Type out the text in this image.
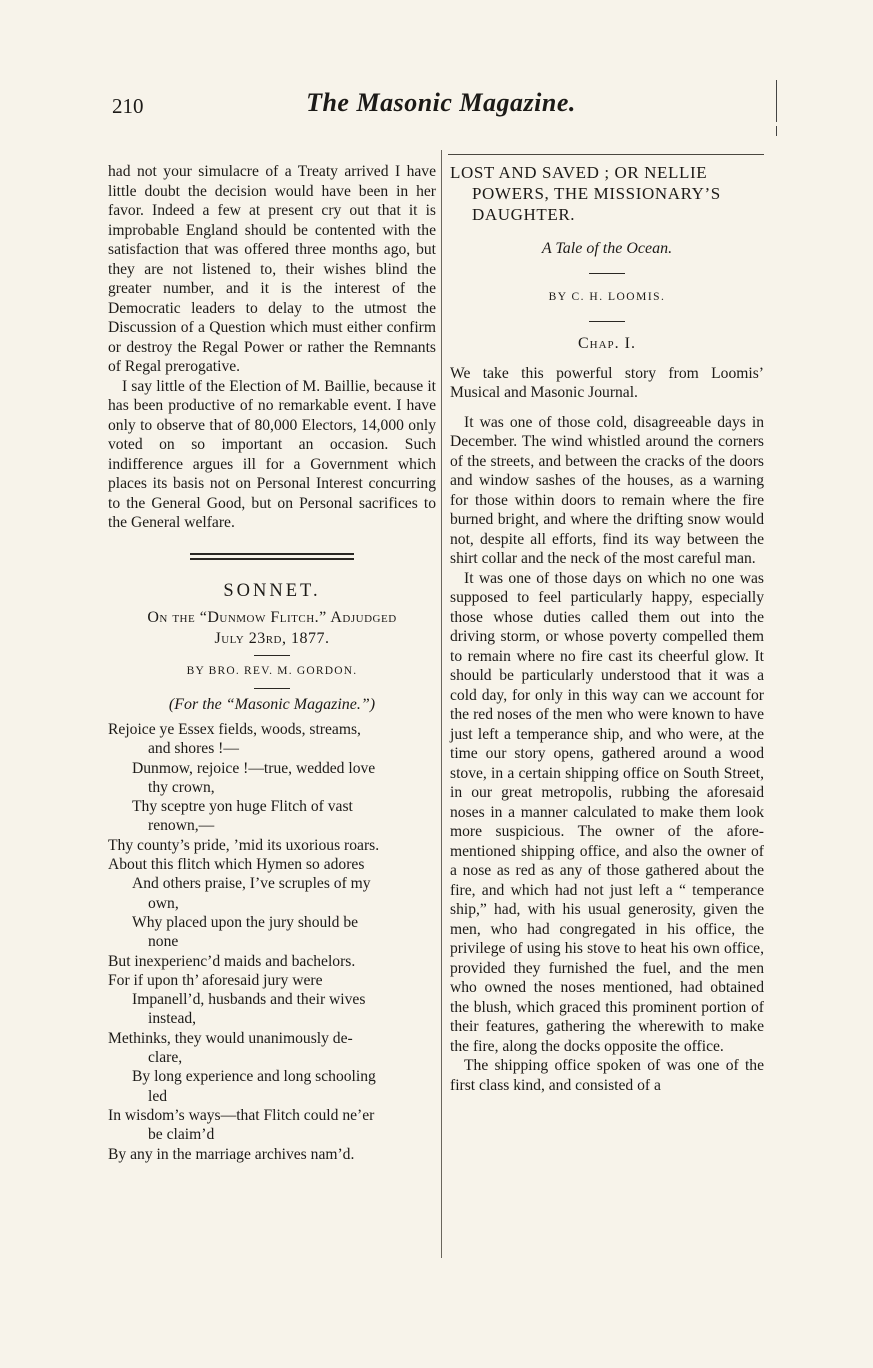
210	The Masonic Magazine.

had not your simulacre of a Treaty arrived I have little doubt the decision would have been in her favor. Indeed a few at present cry out that it is improbable England should be contented with the satisfaction that was offered three months ago, but they are not listened to, their wishes blind the greater number, and it is the interest of the Democratic leaders to delay to the utmost the Discussion of a Question which must either confirm or destroy the Regal Power or rather the Remnants of Regal prerogative.

I say little of the Election of M. Baillie, because it has been productive of no remarkable event. I have only to observe that of 80,000 Electors, 14,000 only voted on so important an occasion. Such indifference argues ill for a Government which places its basis not on Personal Interest concurring to the General Good, but on Personal sacrifices to the General welfare.

SONNET.
On the “Dunmow Flitch.” Adjudged
July 23rd, 1877.
BY BRO. REV. M. GORDON.
(For the “Masonic Magazine.”)
Rejoice ye Essex fields, woods, streams,
and shores !—
Dunmow, rejoice !—true, wedded love
thy crown,
Thy sceptre yon huge Flitch of vast
renown,—
Thy county’s pride, ’mid its uxorious roars.
About this flitch which Hymen so adores
And others praise, I’ve scruples of my
own,
Why placed upon the jury should be
none
But inexperienc’d maids and bachelors.
For if upon th’ aforesaid jury were
Impanell’d, husbands and their wives
instead,
Methinks, they would unanimously de-
clare,
By long experience and long schooling
led
In wisdom’s ways—that Flitch could ne’er
be claim’d
By any in the marriage archives nam’d.
LOST AND SAVED ; OR NELLIE
POWERS, THE MISSIONARY’S
DAUGHTER.
A Tale of the Ocean.
BY C. H. LOOMIS.
Chap. I.

We take this powerful story from Loomis’ Musical and Masonic Journal.

It was one of those cold, disagreeable days in December. The wind whistled around the corners of the streets, and between the cracks of the doors and window sashes of the houses, as a warning for those within doors to remain where the fire burned bright, and where the drifting snow would not, despite all efforts, find its way between the shirt collar and the neck of the most careful man.

It was one of those days on which no one was supposed to feel particularly happy, especially those whose duties called them out into the driving storm, or whose poverty compelled them to remain where no fire cast its cheerful glow. It should be particularly understood that it was a cold day, for only in this way can we account for the red noses of the men who were known to have just left a temperance ship, and who were, at the time our story opens, gathered around a wood stove, in a certain shipping office on South Street, in our great metropolis, rubbing the aforesaid noses in a manner calculated to make them look more suspicious. The owner of the afore-mentioned shipping office, and also the owner of a nose as red as any of those gathered about the fire, and which had not just left a “ temperance ship,” had, with his usual generosity, given the men, who had congregated in his office, the privilege of using his stove to heat his own office, provided they furnished the fuel, and the men who owned the noses mentioned, had obtained the blush, which graced this prominent portion of their features, gathering the wherewith to make the fire, along the docks opposite the office.

The shipping office spoken of was one of the first class kind, and consisted of a
